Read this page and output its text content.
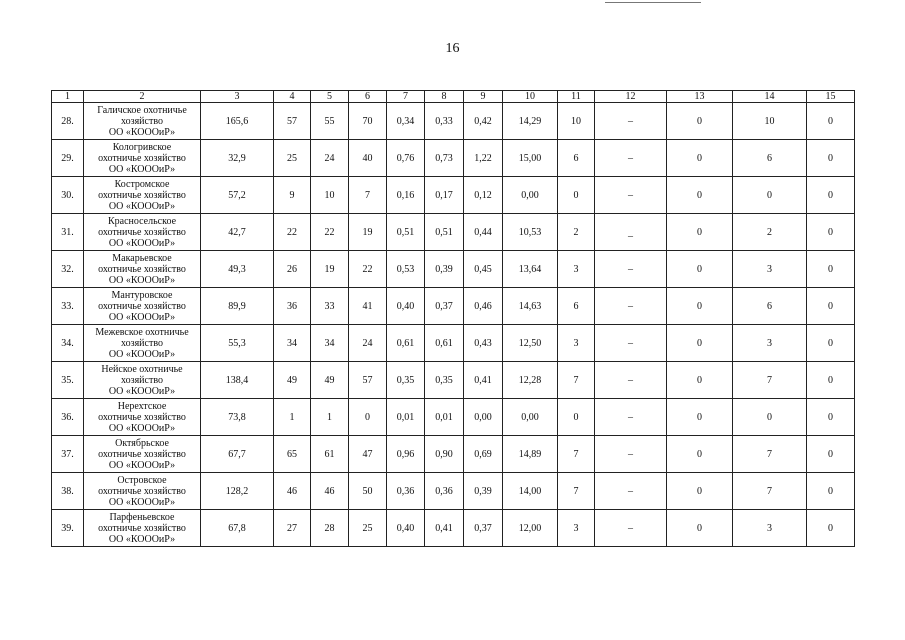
16
1	2	3	4	5	6	7	8	9	10	11	12	13	14	15
28.	Галичское охотничье
хозяйство
ОО «КОООиР»	165,6	57	55	70	0,34	0,33	0,42	14,29	10	–	0	10	0
29.	Кологривское
охотничье хозяйство
ОО «КОООиР»	32,9	25	24	40	0,76	0,73	1,22	15,00	6	–	0	6	0
30.	Костромское
охотничье хозяйство
ОО «КОООиР»	57,2	9	10	7	0,16	0,17	0,12	0,00	0	–	0	0	0
31.	Красносельское
охотничье хозяйство
ОО «КОООиР»	42,7	22	22	19	0,51	0,51	0,44	10,53	2	_	0	2	0
32.	Макарьевское
охотничье хозяйство
ОО «КОООиР»	49,3	26	19	22	0,53	0,39	0,45	13,64	3	–	0	3	0
33.	Мантуровское
охотничье хозяйство
ОО «КОООиР»	89,9	36	33	41	0,40	0,37	0,46	14,63	6	–	0	6	0
34.	Межевское охотничье
хозяйство
ОО «КОООиР»	55,3	34	34	24	0,61	0,61	0,43	12,50	3	–	0	3	0
35.	Нейское охотничье
хозяйство
ОО «КОООиР»	138,4	49	49	57	0,35	0,35	0,41	12,28	7	–	0	7	0
36.	Нерехтское
охотничье хозяйство
ОО «КОООиР»	73,8	1	1	0	0,01	0,01	0,00	0,00	0	–	0	0	0
37.	Октябрьское
охотничье хозяйство
ОО «КОООиР»	67,7	65	61	47	0,96	0,90	0,69	14,89	7	–	0	7	0
38.	Островское
охотничье хозяйство
ОО «КОООиР»	128,2	46	46	50	0,36	0,36	0,39	14,00	7	–	0	7	0
39.	Парфеньевское
охотничье хозяйство
ОО «КОООиР»	67,8	27	28	25	0,40	0,41	0,37	12,00	3	–	0	3	0
